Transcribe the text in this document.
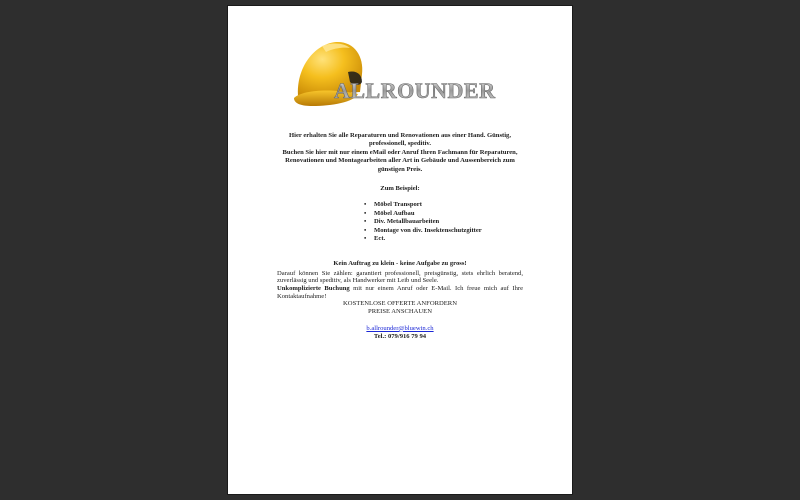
ALLROUNDER

Hier erhalten Sie alle Reparaturen und Renovationen aus einer Hand. Günstig, professionell, speditiv.

Buchen Sie hier mit nur einem eMail oder Anruf Ihren Fachmann für Reparaturen, Renovationen und Montagearbeiten aller Art in Gebäude und Aussenbereich zum günstigen Preis.

Zum Beispiel:
• Möbel Transport
• Möbel Aufbau
• Div. Metallbauarbeiten
• Montage von div. Insektenschutzgitter
• Ect.
Kein Auftrag zu klein - keine Aufgabe zu gross!

Darauf können Sie zählen: garantiert professionell, preisgünstig, stets ehrlich beratend, zuverlässig und speditiv, als Handwerker mit Leib und Seele.

Unkomplizierte Buchung mit nur einem Anruf oder E-Mail. Ich freue mich auf Ihre Kontaktaufnahme!

KOSTENLOSE OFFERTE ANFORDERN
PREISE ANSCHAUEN
b.allrounder@bluewin.ch
Tel.: 079/916 79 94
